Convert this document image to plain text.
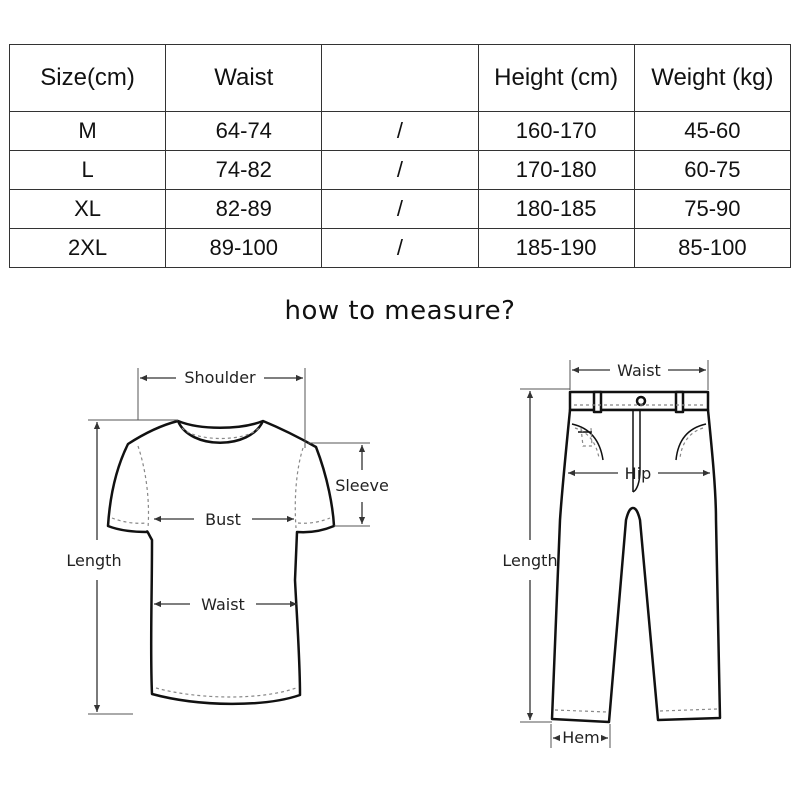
Size(cm)	Waist		Height (cm)	Weight (kg)
M	64-74	/	160-170	45-60
L	74-82	/	170-180	60-75
XL	82-89	/	180-185	75-90
2XL	89-100	/	185-190	85-100
how to measure?
Shoulder
Sleeve
Bust
Waist
Length
Waist
Hip
Length
Hem
